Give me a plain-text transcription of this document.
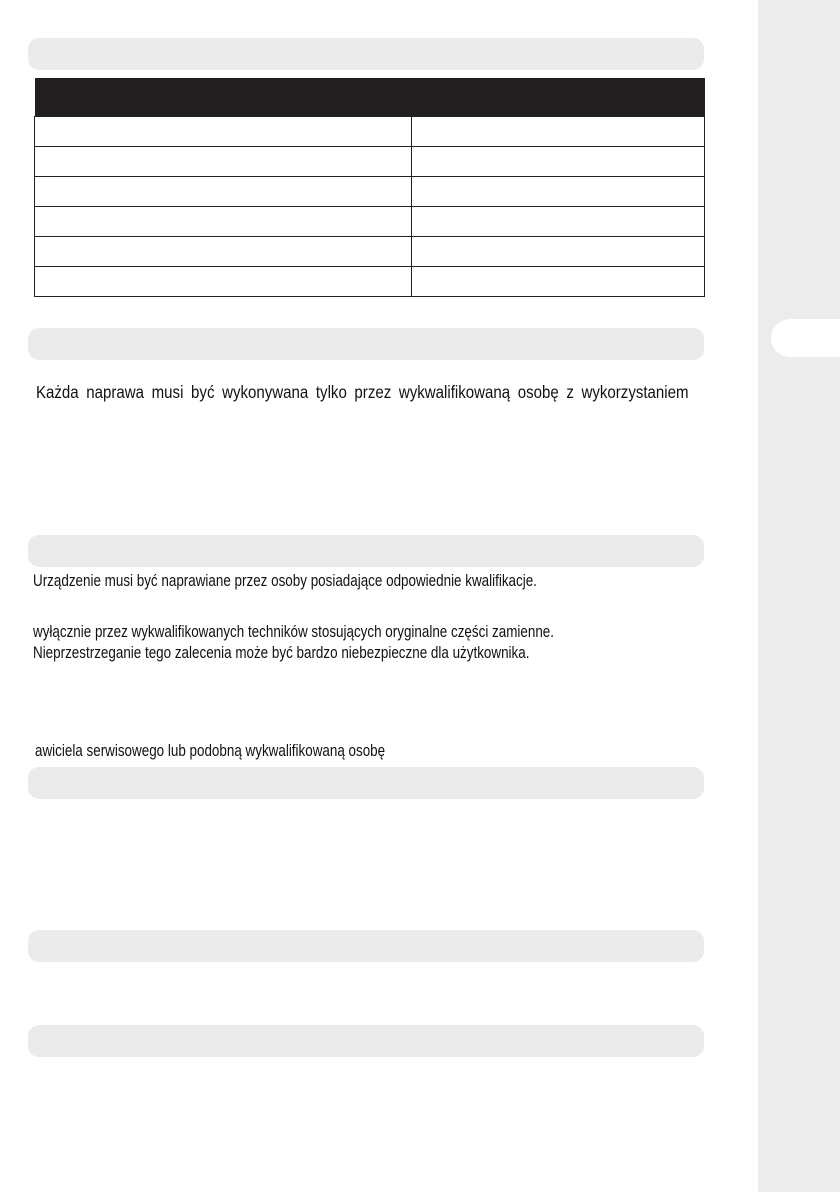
Każda naprawa musi być wykonywana tylko przez wykwalifikowaną osobę z wykorzystaniem
Urządzenie musi być naprawiane przez osoby posiadające odpowiednie kwalifikacje.
wyłącznie przez wykwalifikowanych techników stosujących oryginalne części zamienne.
Nieprzestrzeganie tego zalecenia może być bardzo niebezpieczne dla użytkownika.
awiciela serwisowego lub podobną wykwalifikowaną osobę
